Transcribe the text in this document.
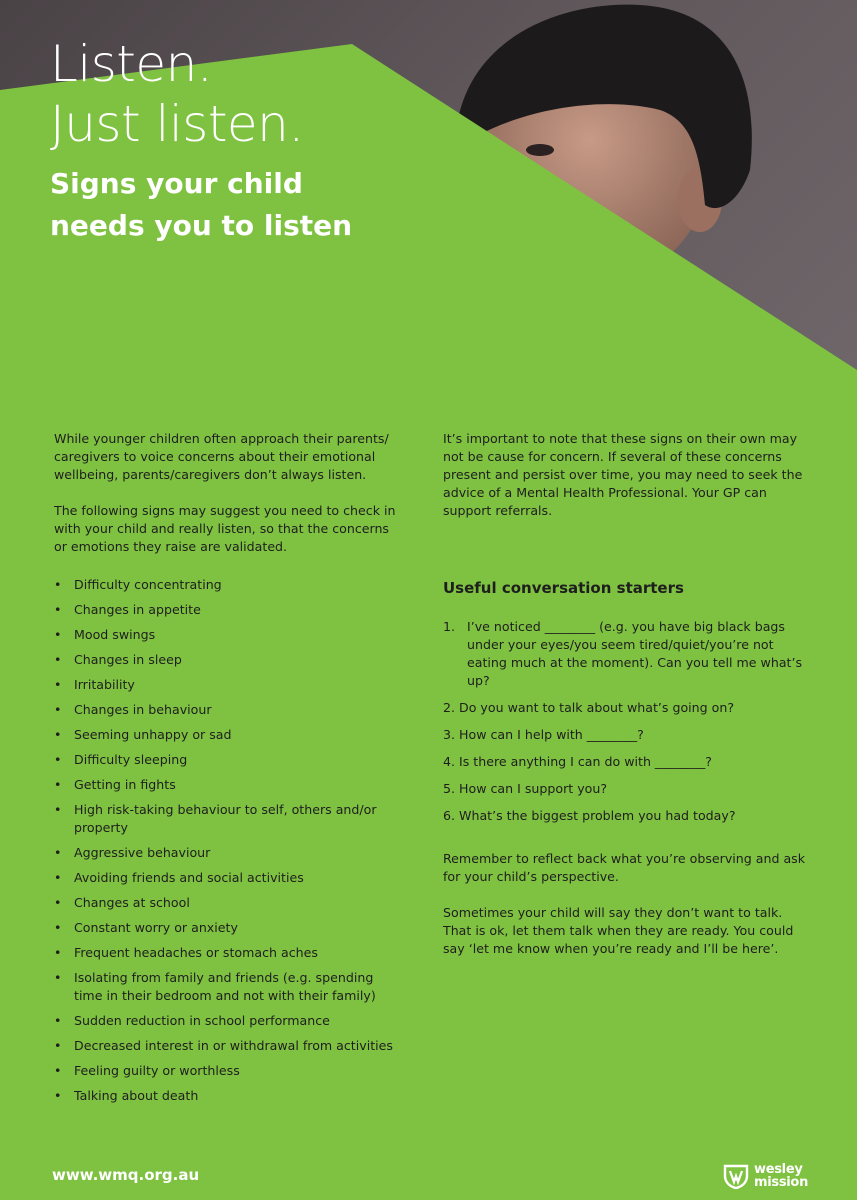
Listen.
Just listen.
Signs your child needs you to listen

While younger children often approach their parents/ caregivers to voice concerns about their emotional wellbeing, parents/caregivers don’t always listen.

The following signs may suggest you need to check in with your child and really listen, so that the concerns or emotions they raise are validated.

• Difficulty concentrating
• Changes in appetite
• Mood swings
• Changes in sleep
• Irritability
• Changes in behaviour
• Seeming unhappy or sad
• Difficulty sleeping
• Getting in fights
• High risk-taking behaviour to self, others and/or property
• Aggressive behaviour
• Avoiding friends and social activities
• Changes at school
• Constant worry or anxiety
• Frequent headaches or stomach aches
• Isolating from family and friends (e.g. spending time in their bedroom and not with their family)
• Sudden reduction in school performance
• Decreased interest in or withdrawal from activities
• Feeling guilty or worthless
• Talking about death

It’s important to note that these signs on their own may not be cause for concern. If several of these concerns present and persist over time, you may need to seek the advice of a Mental Health Professional. Your GP can support referrals.

Useful conversation starters
1. I’ve noticed ________ (e.g. you have big black bags under your eyes/you seem tired/quiet/you’re not eating much at the moment). Can you tell me what’s up?
2. Do you want to talk about what’s going on?
3. How can I help with ________?
4. Is there anything I can do with ________?
5. How can I support you?
6. What’s the biggest problem you had today?

Remember to reflect back what you’re observing and ask for your child’s perspective.

Sometimes your child will say they don’t want to talk. That is ok, let them talk when they are ready. You could say ‘let me know when you’re ready and I’ll be here’.

www.wmq.org.au	wesley
mission
